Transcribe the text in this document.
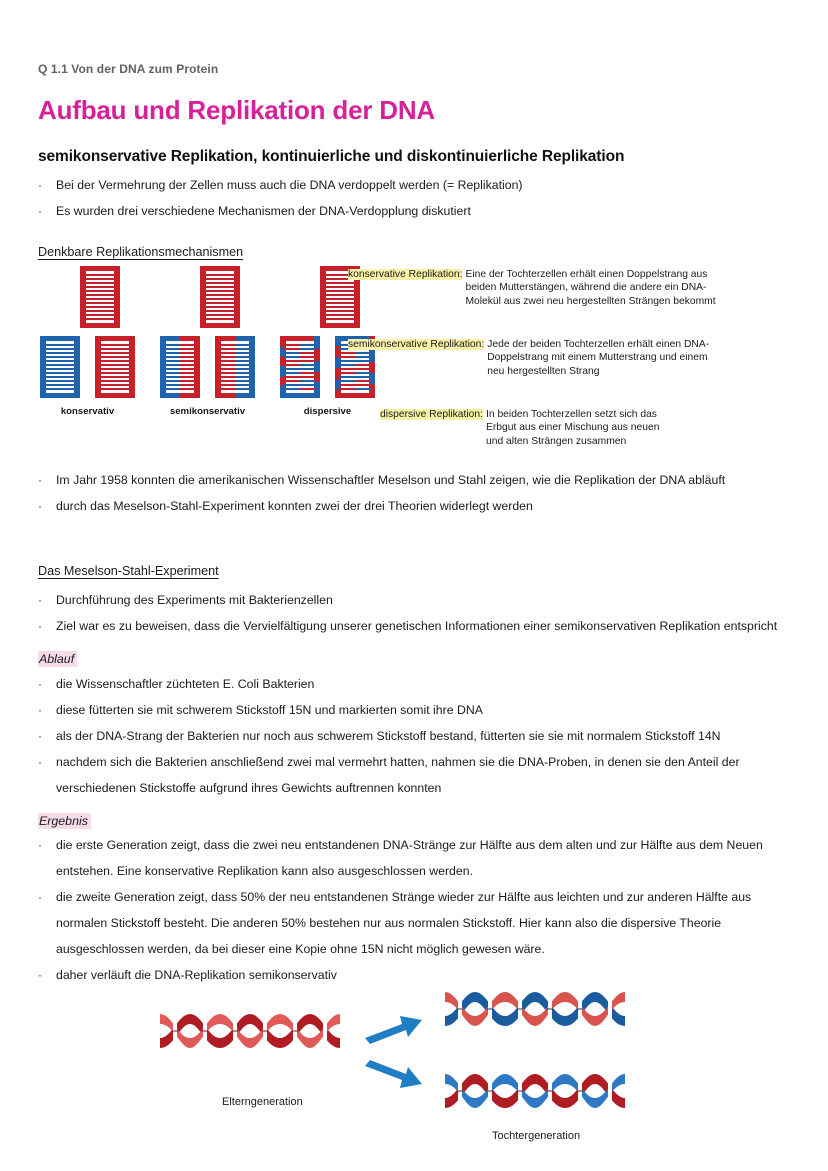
Q 1.1 Von der DNA zum Protein
Aufbau und Replikation der DNA
semikonservative Replikation, kontinuierliche und diskontinuierliche Replikation
·	Bei der Vermehrung der Zellen muss auch die DNA verdoppelt werden (= Replikation)
·	Es wurden drei verschiedene Mechanismen der DNA-Verdopplung diskutiert
Denkbare Replikationsmechanismen
konservativ	semikonservativ	dispersive
konservative Replikation: Eine der Tochterzellen erhält einen Doppelstrang aus
beiden Mutterstängen, während die andere ein DNA-
Molekül aus zwei neu hergestellten Strängen bekommt
semikonservative Replikation: Jede der beiden Tochterzellen erhält einen DNA-
Doppelstrang mit einem Mutterstrang und einem
neu hergestellten Strang
dispersive Replikation: In beiden Tochterzellen setzt sich das
Erbgut aus einer Mischung aus neuen
und alten Strängen zusammen
·	Im Jahr 1958 konnten die amerikanischen Wissenschaftler Meselson und Stahl zeigen, wie die Replikation der DNA abläuft
·	durch das Meselson-Stahl-Experiment konnten zwei der drei Theorien widerlegt werden
Das Meselson-Stahl-Experiment
·	Durchführung des Experiments mit Bakterienzellen
·	Ziel war es zu beweisen, dass die Vervielfältigung unserer genetischen Informationen einer semikonservativen Replikation entspricht
Ablauf
·	die Wissenschaftler züchteten E. Coli Bakterien
·	diese fütterten sie mit schwerem Stickstoff 15N und markierten somit ihre DNA
·	als der DNA-Strang der Bakterien nur noch aus schwerem Stickstoff bestand, fütterten sie sie mit normalem Stickstoff 14N
·	nachdem sich die Bakterien anschließend zwei mal vermehrt hatten, nahmen sie die DNA-Proben, in denen sie den Anteil der verschiedenen Stickstoffe aufgrund ihres Gewichts auftrennen konnten
Ergebnis
·	die erste Generation zeigt, dass die zwei neu entstandenen DNA-Stränge zur Hälfte aus dem alten und zur Hälfte aus dem Neuen entstehen. Eine konservative Replikation kann also ausgeschlossen werden.
·	die zweite Generation zeigt, dass 50% der neu entstandenen Stränge wieder zur Hälfte aus leichten und zur anderen Hälfte aus normalen Stickstoff besteht. Die anderen 50% bestehen nur aus normalen Stickstoff. Hier kann also die dispersive Theorie ausgeschlossen werden, da bei dieser eine Kopie ohne 15N nicht möglich gewesen wäre.
·	daher verläuft die DNA-Replikation semikonservativ
Elterngeneration
Tochtergeneration
